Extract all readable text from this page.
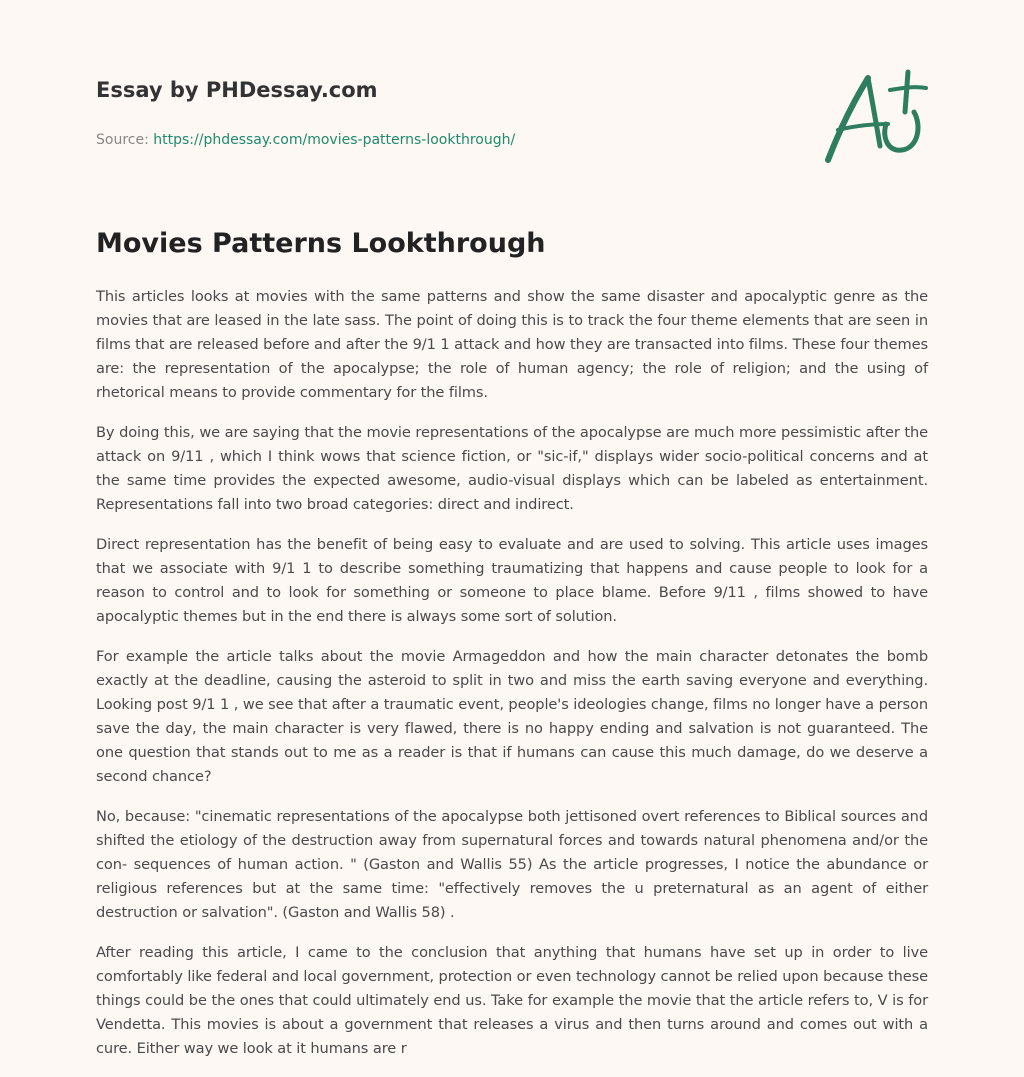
Essay by PHDessay.com
Source: https://phdessay.com/movies-patterns-lookthrough/
Movies Patterns Lookthrough

This articles looks at movies with the same patterns and show the same disaster and apocalyptic genre as the movies that are leased in the late sass. The point of doing this is to track the four theme elements that are seen in films that are released before and after the 9/1 1 attack and how they are transacted into films. These four themes are: the representation of the apocalypse; the role of human agency; the role of religion; and the using of rhetorical means to provide commentary for the films.

By doing this, we are saying that the movie representations of the apocalypse are much more pessimistic after the attack on 9/11 , which I think wows that science fiction, or "sic-if," displays wider socio-political concerns and at the same time provides the expected awesome, audio-visual displays which can be labeled as entertainment. Representations fall into two broad categories: direct and indirect.

Direct representation has the benefit of being easy to evaluate and are used to solving. This article uses images that we associate with 9/1 1 to describe something traumatizing that happens and cause people to look for a reason to control and to look for something or someone to place blame. Before 9/11 , films showed to have apocalyptic themes but in the end there is always some sort of solution.

For example the article talks about the movie Armageddon and how the main character detonates the bomb exactly at the deadline, causing the asteroid to split in two and miss the earth saving everyone and everything. Looking post 9/1 1 , we see that after a traumatic event, people's ideologies change, films no longer have a person save the day, the main character is very flawed, there is no happy ending and salvation is not guaranteed. The one question that stands out to me as a reader is that if humans can cause this much damage, do we deserve a second chance?

No, because: "cinematic representations of the apocalypse both jettisoned overt references to Biblical sources and shifted the etiology of the destruction away from supernatural forces and towards natural phenomena and/or the con- sequences of human action. " (Gaston and Wallis 55) As the article progresses, I notice the abundance or religious references but at the same time: "effectively removes the u preternatural as an agent of either destruction or salvation". (Gaston and Wallis 58) .

After reading this article, I came to the conclusion that anything that humans have set up in order to live comfortably like federal and local government, protection or even technology cannot be relied upon because these things could be the ones that could ultimately end us. Take for example the movie that the article refers to, V is for Vendetta. This movies is about a government that releases a virus and then turns around and comes out with a cure. Either way we look at it humans are r
